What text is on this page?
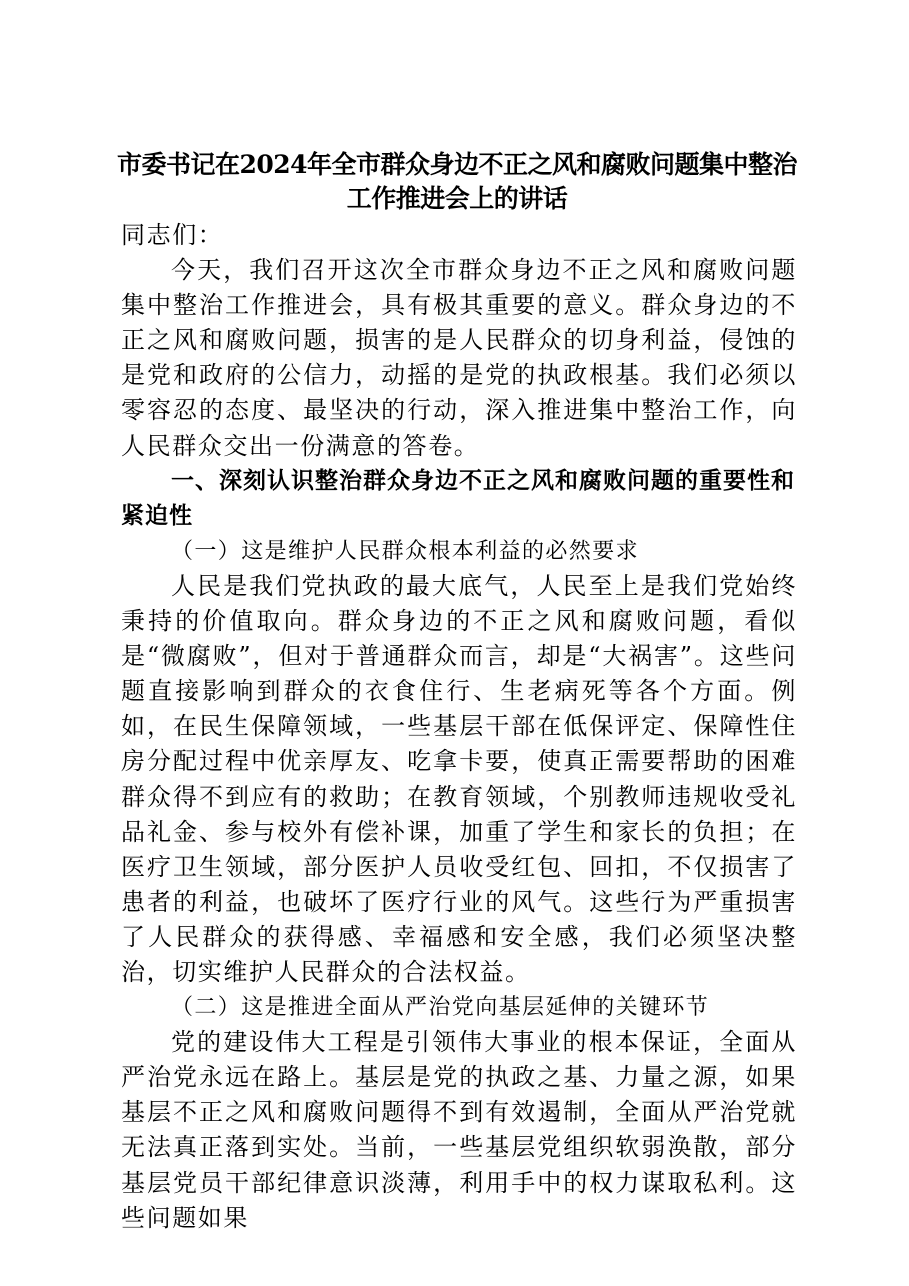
市委书记在2024年全市群众身边不正之风和腐败问题集中整治
工作推进会上的讲话

同志们：

今天，我们召开这次全市群众身边不正之风和腐败问题集中整治工作推进会，具有极其重要的意义。群众身边的不正之风和腐败问题，损害的是人民群众的切身利益，侵蚀的是党和政府的公信力，动摇的是党的执政根基。我们必须以零容忍的态度、最坚决的行动，深入推进集中整治工作，向人民群众交出一份满意的答卷。

一、深刻认识整治群众身边不正之风和腐败问题的重要性和紧迫性

（一）这是维护人民群众根本利益的必然要求

人民是我们党执政的最大底气，人民至上是我们党始终秉持的价值取向。群众身边的不正之风和腐败问题，看似是“微腐败”，但对于普通群众而言，却是“大祸害”。这些问题直接影响到群众的衣食住行、生老病死等各个方面。例如，在民生保障领域，一些基层干部在低保评定、保障性住房分配过程中优亲厚友、吃拿卡要，使真正需要帮助的困难群众得不到应有的救助；在教育领域，个别教师违规收受礼品礼金、参与校外有偿补课，加重了学生和家长的负担；在医疗卫生领域，部分医护人员收受红包、回扣，不仅损害了患者的利益，也破坏了医疗行业的风气。这些行为严重损害了人民群众的获得感、幸福感和安全感，我们必须坚决整治，切实维护人民群众的合法权益。

（二）这是推进全面从严治党向基层延伸的关键环节

党的建设伟大工程是引领伟大事业的根本保证，全面从严治党永远在路上。基层是党的执政之基、力量之源，如果基层不正之风和腐败问题得不到有效遏制，全面从严治党就无法真正落到实处。当前，一些基层党组织软弱涣散，部分基层党员干部纪律意识淡薄，利用手中的权力谋取私利。这些问题如果
